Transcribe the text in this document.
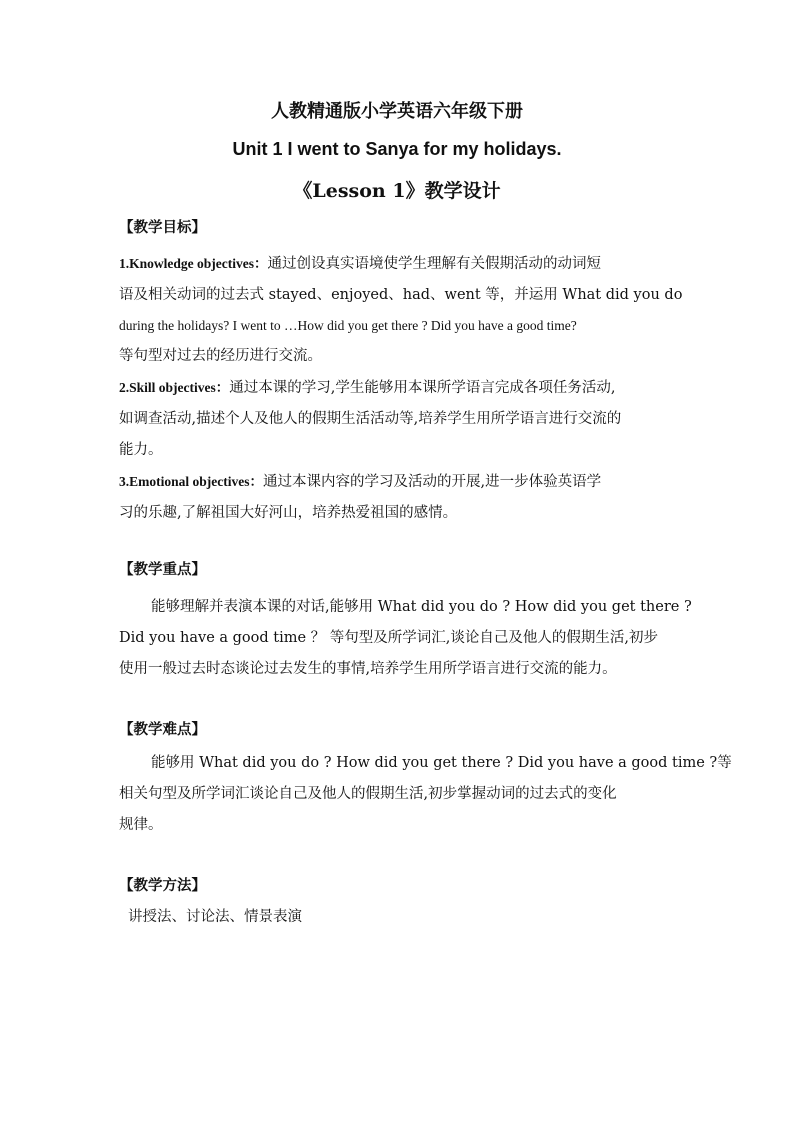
人教精通版小学英语六年级下册
Unit 1 I went to Sanya for my holidays.
《Lesson 1》教学设计
【教学目标】
1.Knowledge objectives：通过创设真实语境使学生理解有关假期活动的动词短
语及相关动词的过去式 stayed、enjoyed、had、went 等，并运用 What did you do
during the holidays? I went to …How did you get there ? Did you have a good time?
等句型对过去的经历进行交流。
2.Skill objectives：通过本课的学习,学生能够用本课所学语言完成各项任务活动,
如调查活动,描述个人及他人的假期生活活动等,培养学生用所学语言进行交流的
能力。
3.Emotional objectives：通过本课内容的学习及活动的开展,进一步体验英语学
习的乐趣,了解祖国大好河山，培养热爱祖国的感情。
【教学重点】
能够理解并表演本课的对话,能够用 What did you do ? How did you get there ?
Did you have a good time ？ 等句型及所学词汇,谈论自己及他人的假期生活,初步
使用一般过去时态谈论过去发生的事情,培养学生用所学语言进行交流的能力。
【教学难点】
能够用 What did you do ? How did you get there ? Did you have a good time ?等
相关句型及所学词汇谈论自己及他人的假期生活,初步掌握动词的过去式的变化
规律。
【教学方法】
讲授法、讨论法、情景表演
